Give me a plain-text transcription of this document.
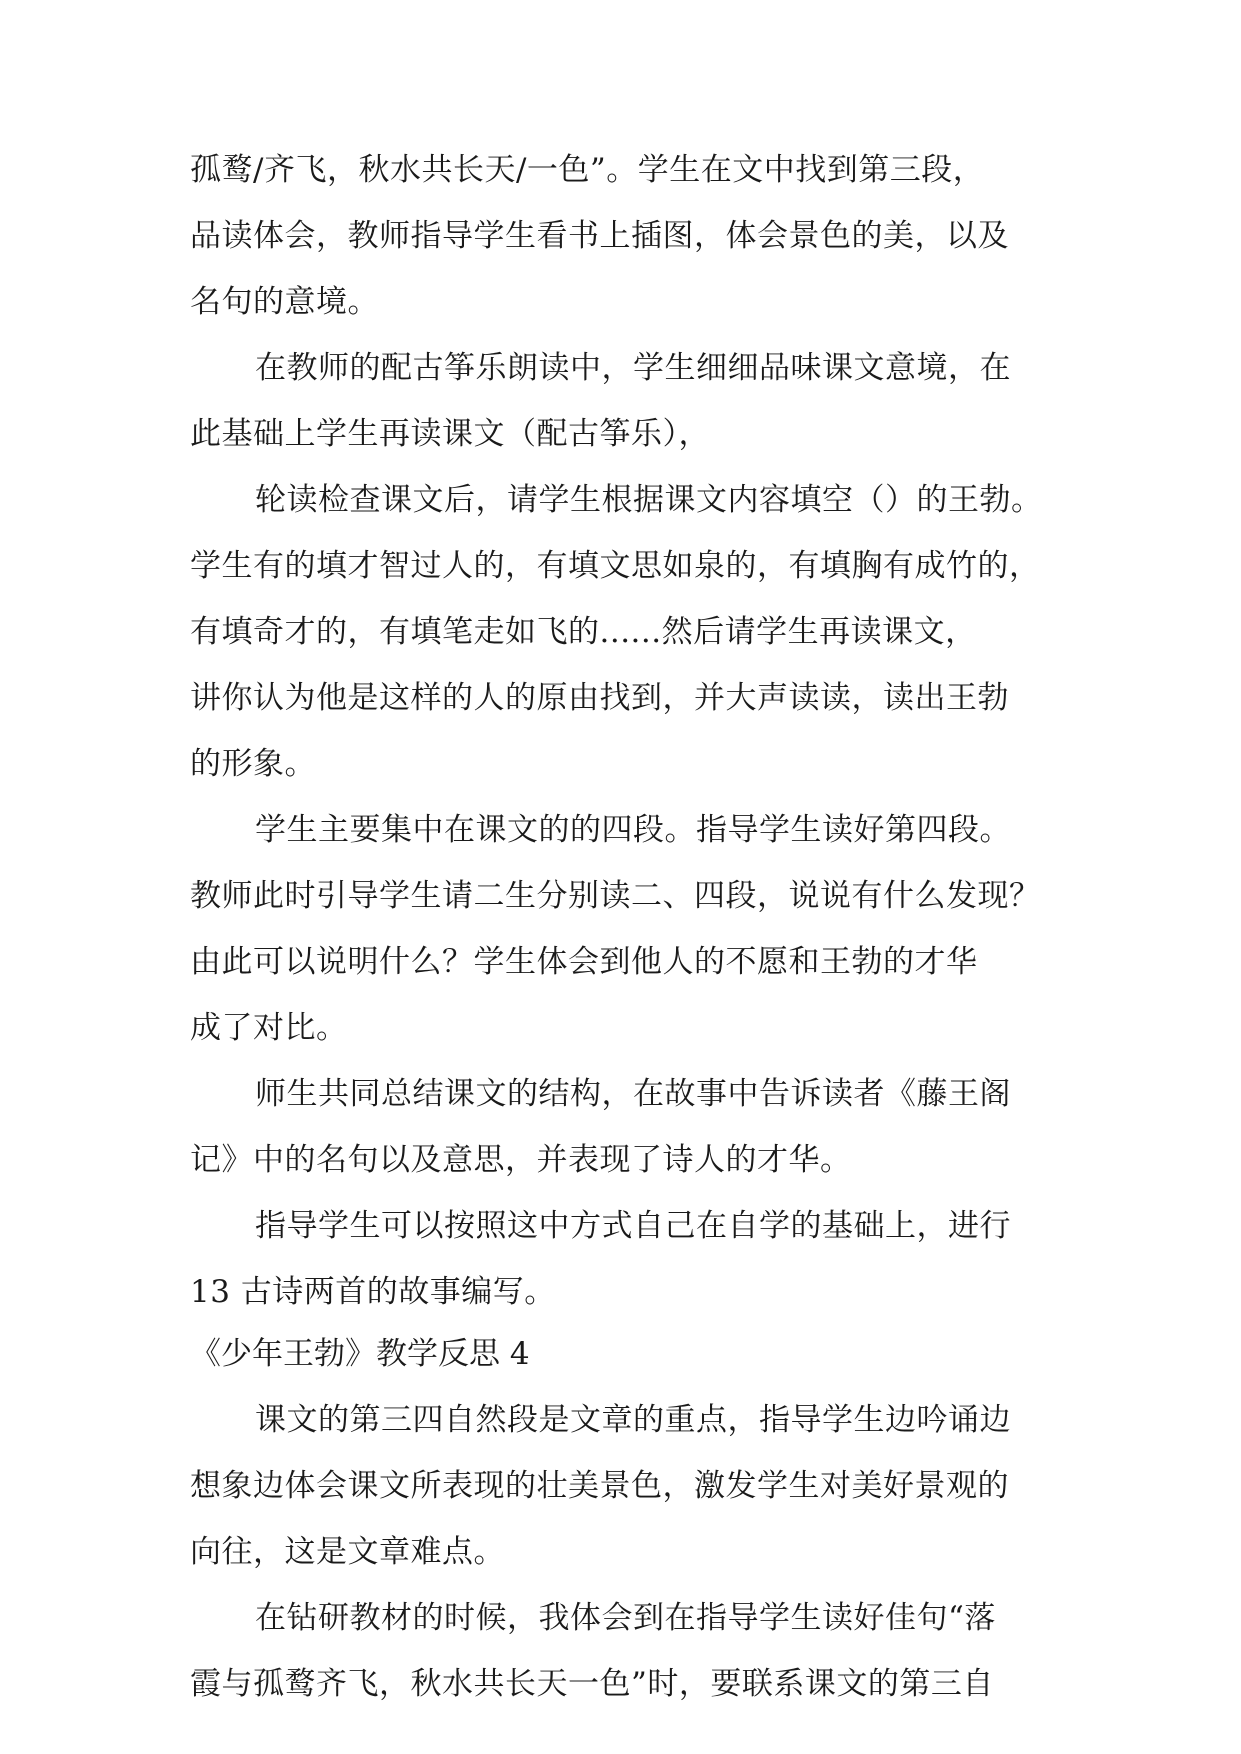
孤鹜/齐飞，秋水共长天/一色”。学生在文中找到第三段，
品读体会，教师指导学生看书上插图，体会景色的美，以及
名句的意境。
在教师的配古筝乐朗读中，学生细细品味课文意境，在
此基础上学生再读课文（配古筝乐），
轮读检查课文后，请学生根据课文内容填空（）的王勃。
学生有的填才智过人的，有填文思如泉的，有填胸有成竹的，
有填奇才的，有填笔走如飞的......然后请学生再读课文，
讲你认为他是这样的人的原由找到，并大声读读，读出王勃
的形象。
学生主要集中在课文的的四段。指导学生读好第四段。
教师此时引导学生请二生分别读二、四段，说说有什么发现？
由此可以说明什么？学生体会到他人的不愿和王勃的才华
成了对比。
师生共同总结课文的结构，在故事中告诉读者《藤王阁
记》中的名句以及意思，并表现了诗人的才华。
指导学生可以按照这中方式自己在自学的基础上，进行
13 古诗两首的故事编写。
《少年王勃》教学反思 4
课文的第三四自然段是文章的重点，指导学生边吟诵边
想象边体会课文所表现的壮美景色，激发学生对美好景观的
向往，这是文章难点。
在钻研教材的时候，我体会到在指导学生读好佳句“落
霞与孤鹜齐飞，秋水共长天一色”时，要联系课文的第三自
